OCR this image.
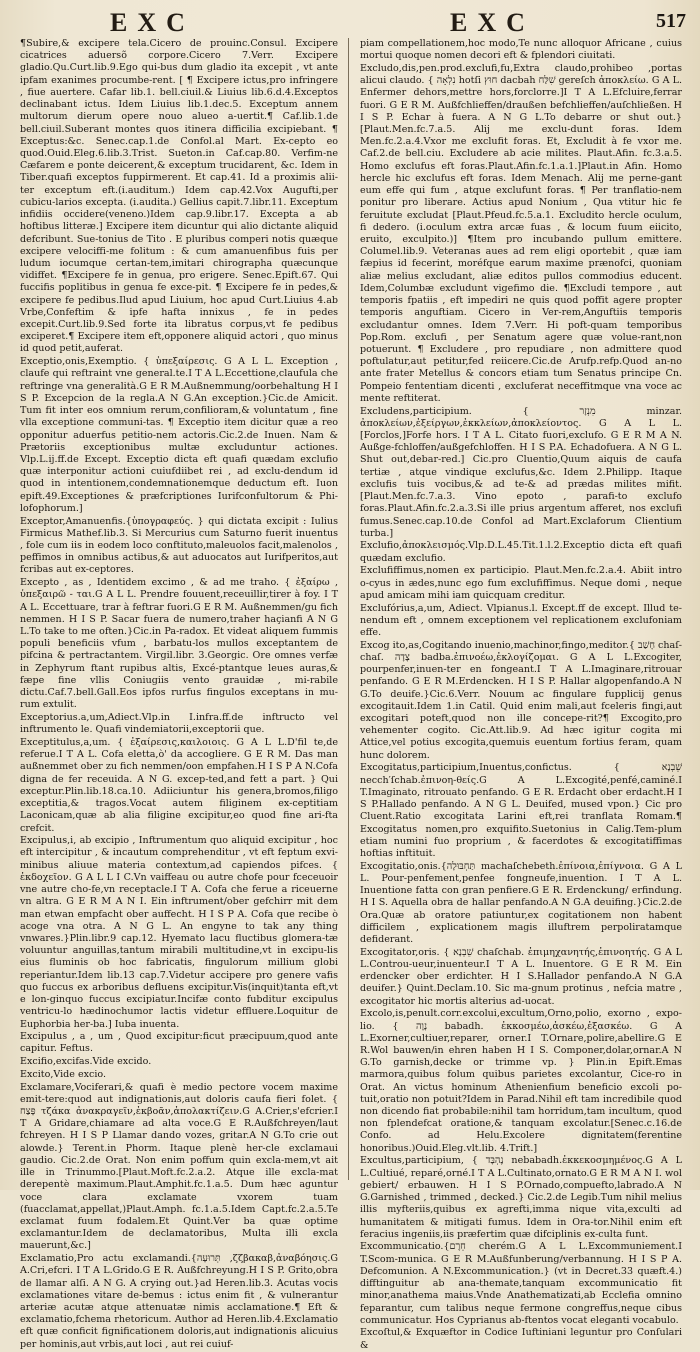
EXC	EXC	517

¶Subire,& excipere tela.Cicero de prouinc.Consul. Excipere cicatrices aduersõ corpore.Cicero 7.Verr. Excipere gladio.Qu.Curt.lib.9.Ego qui-bus dum gladio ita excepit , vt ante ipfam exanimes procumbe-rent. [ ¶ Excipere ictus,pro infringere , fiue auertere. Cafar lib.1. bell.ciuil.& Liuius lib.6.d.4.Exceptos declinabant ictus. Idem Liuius lib.1.dec.5. Exceptum annem multorum dierum opere nouo alueo a-uertit.¶ Caf.lib.1.de bell.ciuil.Suberant montes quos itinera difficilia excipiebant. ¶ Exceptus:&c. Senec.cap.1.de Confol.al Mart. Ex-cepto eo quod.Ouid.Eleg.6.lib.3.Trist. Sueton.in Caf.cap.80. Verfim-ne Cæfarem e ponte deicerent,& exceptum trucidarent, &c. Idem in Tiber.quafi exceptos fuppirmerent. Et cap.41. Id a proximis alii-ter exceptum eft.(i.auditum.) Idem cap.42.Vox Augufti,per cubicu-larios excepta. (i.audita.) Gellius capit.7.libr.11. Exceptum infidiis occidere(veneno.)Idem cap.9.libr.17. Excepta a ab hoftibus litteræ.] Excipere item dicuntur qui alio dictante aliquid defcribunt. Sue-tonius de Tito . E pluribus comperi notis quæque excipere velociffi-me folitum : & cum amanuenfibus fuis per ludum iocumque certan-tem,imitari chirographa quæcunque vidiffet. ¶Excipere fe in genua, pro erigere. Senec.Epift.67. Qui fuccifis poplitibus in genua fe exce-pit. ¶ Excipere fe in pedes,& excipere fe pedibus.Ilud apud Liuium, hoc apud Curt.Liuius 4.ab Vrbe,Confeftim & ipfe hafta innixus , fe in pedes excepit.Curt.lib.9.Sed forte ita libratus corpus,vt fe pedibus exciperet.¶ Excipere item eft,opponere aliquid actori , quo minus id quod petit,auferat.

Exceptio,onis,Exemptio. { ὑπεξαίρεσις. G A L L. Exception , claufe qui reftraint vne general.te.I T A L.Eccettione,claufula che reftringe vna generalità.G E R M.Außnemmung/oorbehaltung H I S P. Excepcion de la regla.A N G.An exception.}Cic.de Amicit. Tum fit inter eos omnium rerum,confilioram,& voluntatum , fine vlla exceptione communi-tas. ¶ Exceptio item dicitur quæ a reo opponitur aduerfus petitio-nem actoris.Cic.2.de Inuen. Nam & Prætoriis exceptionibus multæ excluduntur actiones. Vlp.L.ij.ff.de Except. Exceptio dicta eft quafi quædam exclufio quæ interponitur actioni cuiufdiibet rei , ad exclu-dendum id quod in intentionem,condemnationemque deductum eft. Iuon epift.49.Exceptiones & præfcriptiones Iurifconfultorum & Phi-lofophorum.]

Exceptor,Amanuenfis.{ὑπογραφεύς. } qui dictata excipit : Iulius Firmicus Mathef.lib.3. Si Mercurius cum Saturno fuerit inuentus , fole cum iis in eodem loco conftituto,maleuolos facit,malenolos , peffimos in omnibus actibus,& aut aduocatos aut Iurifperitos,aut fcribas aut ex-ceptores.

Excepto , as , Identidem excimo , & ad me traho. { ἐξαίρω , ὑπεξαιρῶ - ται.G A L L. Prendre fouuent,receuillir,tirer à foy. I T A L. Eccettuare, trar à feftrar fuori.G E R M. Außnemmen/gu fich nemmen. H I S P. Sacar fuera de numero,traher haçianfi A N G L.To take to me often.}Cic.in Pa-radox. Et videat aliquem fummis populi beneficiis vfum , barbatu-los mullos exceptantem de pifcina & pertractantem. Virgil.libr. 3.Georgic. Ore omnes verfæ in Zephyrum ftant rupibus altis, Excé-ptantque leues auras,& fæpe fine vllis Coniugiis vento grauidæ , mi-rabile dictu.Caf.7.bell.Gall.Eos ipfos rurfus fingulos exceptans in mu-rum extulit.

Exceptorius.a,um,Adiect.Vlp.in I.infra.ff.de inftructo vel inftrumento le. Quafi vindemiatorii,exceptorii que.

Exceptitulus,a,um. { ἐξαίρεσις,καιλοιοις. G A L L.D'fil te,de referue.I T A L. Cofa eletta,ò' da accogliere. G E R M. Das man außnemmet ober zu fich nemmen/oon empfahen.H I S P A N.Cofa digna de fer receuida. A N G. excep-ted,and fett a part. } Qui exceptur.Plin.lib.18.ca.10. Adiiciuntur his genera,bromos,filigo exceptitia,& tragos.Vocat autem filiginem ex-ceptitiam Laconicam,quæ ab alia filigine excipitur,eo quod fine ari-fta crefcit.

Excipulus,i, ab excipio , Inftrumentum quo aliquid excipitur , hoc eft intercipitur , & incautum comprehenditur , vt eft feptum exvi-minibus aliuue materia contextum,ad capiendos pifces. { ἐκδοχεῖον. G A L L I C.Vn vaiffeau ou autre chofe pour fceceuoir vne autre cho-fe,vn receptacle.I T A. Cofa che ferue a riceuerne vn altra. G E R M A N I. Ein inftrument/ober gefchirr mit dem man etwan empfacht ober auffecht. H I S P A. Cofa que recibe ò acoge vna otra. A N G L. An engyne to tak any thing vnwares.}Plin.libr.9 cap.12. Hyemato lacu fluctibus glomera-tæ voluuntur anguillas,tantum mirabili multitudine,vt in excipu-lis eius fluminis ob hoc fabricatis, fingulorum millium globi reperiantur.Idem lib.13 cap.7.Videtur accipere pro genere vafis quo fuccus ex arboribus defluens excipitur.Vis(inquit)tanta eft,vt e lon-ginquo fuccus excipiatur.Incifæ conto fubditur excipulus ventricu-lo hædinochumor lactis videtur effluere.Loquitur de Euphorbia her-ba.] Iuba inuenta.

Excipulus , a , um , Quod excipitur:ficut præcipuum,quod ante capitur. Feftus.

Excifio,excifas.Vide excido.

Excito,Vide excio.

Exclamare,Vociferari,& quafi è medio pectore vocem maxime emit-tere:quod aut indignationis,aut doloris caufa fieri folet. { פָּצַח τζάκα ἀνακραγεῖν,ἐκβοᾶν,ἀπολακτίζειν.G A.Crier,s'efcrier.I T A Gridare,chiamare ad alta voce.G E R.Außfchreyen/laut fchreyen. H I S P Llamar dando vozes, gritar.A N G.To crie out alowde.} Terent.in Phorm. Itaque plenè her-cle exclamaui gaudio. Cic.2.de Orat. Non enim poffum quin excla-mem,vt ait ille in Trinummo.[Plaut.Moft.fc.2.a.2. Atque ille excla-mat derepentè maximum.Plaut.Amphit.fc.1.a.5. Dum hæc aguntur voce clara exclamate vxorem tuam (fuacclamat,appellat,)Plaut.Amph. fc.1.a.5.Idem Capt.fc.2.a.5.Te exclamat fuum fodalem.Et Quint.Ver ba quæ optime exclamantur.Idem de declamatoribus, Multa illi excla mauerunt,&c.]

Exclamatio,Pro actu exclamandi.{תְּרוּעָה ,ζζβακαβ,ἀναβόησις.G A.Cri,efcri. I T A L.Grido.G E R. Außfchreyung.H I S P. Grito,obra de llamar alſi. A N G. A crying out.}ad Heren.lib.3. Acutas vocis exclamationes vitare de-bemus : ictus enim fit , & vulnerantur arteriæ acutæ atque attenuatæ nimis acclamatione.¶ Eft & exclamatio,fchema rhetoricum. Author ad Heren.lib.4.Exclamatio eft quæ conficit fignificationem doloris,aut indignationis alicuius per hominis,aut vrbis,aut loci , aut rei cuiuf-

piam compellationem,hoc modo,Te nunc alloquor Africane , cuius mortui quoque nomen decori eft & fplendori ciuitati.

Excludo,dis,pen.prod.exclufi,fu,Extra claudo,prohibeo ,portas alicui claudo. { נִלְאָה hotſi חוּץ dacbah שִׁלַּח gereſch ἀποκλείω. G A L. Enfermer dehors,mettre hors,forclorre.]I T A L.Efcluire,ferrar fuori. G E R M. Außfchlieffen/draußen befchlieffen/auſchließen. H I S P. Echar à fuera. A N G L.To debarre or shut out.} [Plaut.Men.fc.7.a.5. Alij me exclu-dunt foras. Idem Men.fc.2.a.4.Vxor me exclufit foras. Et, Excludit à fe vxor me. Caf.2.de bell.ciu. Excludere ab acie milites. Plaut.Afin. fc.3.a.5. Homo exclufus eft foras.Plaut.Afin.fc.1.a.1.]Plaut.in Afin. Homo hercle hic exclufus eft foras. Idem Menach. Alij me perne-gant eum effe qui fum , atque exclufunt foras. ¶ Per tranflatio-nem ponitur pro liberare. Actius apud Nonium , Qua vtitur hic fe feruitute excludat [Plaut.Pfeud.fc.5.a.1. Excludito hercle oculum, fi dedero. (i.oculum extra arcæ fuas , & locum fuum eiicito, eruito, exculpito.)] ¶Item pro incubando pullum emittere. Columel.lib.9. Veteranas aues ad rem eligi oportebit , quæ iam fæpius id fecerint, moréfque earum maxime prænofci, quoniam aliæ melius excludant, aliæ editos pullos commodius educent. Idem,Columbæ excludunt vigefimo die. ¶Excludi tempore , aut temporis fpatiis , eft impediri ne quis quod poffit agere propter temporis anguftiam. Cicero in Ver-rem,Anguftiis temporis excludantur omnes. Idem 7.Verr. Hi poft-quam temporibus Pop.Rom. exclufi , per Senatum agere quæ volue-rant,non potuerunt. ¶ Excludere , pro repudiare , non admittere quod poftulatur,aut petitur,fed reiicere.Cic.de Arufp.refp.Quod an-no ante frater Metellus & concors etiam tum Senatus principe Cn. Pompeio fententiam dicenti , excluferat neceffitmque vna voce ac mente reftiterat.

Excludens,participium. { מִנְזָר minzar. ἀποκλείων,ἐξείργων,ἐκκλείων,ἀποκλείοντος. G A L L. [Forclos,]Forfe hors. I T A L. Citato fuori,exclufo. G E R M A N. Außge-fchloffen/außgefchloffen. H I S P.A. Echadofuera. A N G L. Shut out,debar-red.] Cic.pro Cluentio,Quum aiquis de caufa tertiæ , atque vindique exclufus,&c. Idem 2.Philipp. Itaque exclufis tuis vocibus,& ad te-& ad prædas milites mifit.[Plaut.Men.fc.7.a.3. Vino epoto , parafi-to exclufo foras.Plaut.Afin.fc.2.a.3.Si ille prius argentum afferet, nos exclufi fumus.Senec.cap.10.de Confol ad Mart.Exclaforum Clientium turba.]

Exclufio,ἀποκλεισμός.Vlp.D.L.45.Tit.1.l.2.Exceptio dicta eft quafi quædam exclufio.

Exclufiffimus,nomen ex participio. Plaut.Men.fc.2.a.4. Abiit intro o-cyus in ædes,nunc ego fum exclufiffimus. Neque domi , neque apud amicam mihi iam quicquam creditur.

Exclufórius,a,um, Adiect. Vlpianus.l. Except.ff de except. Illud te-nendum eft , omnem exceptionem vel replicationem exclufoniam effe.

Excog ito,as,Cogitando inuenio,machinor,fingo,meditor.{ חָשַׁב chaſ-chaſ. צָדָה badba.ἐπινοέω,ἐκλογίζομαι. G A L L.Excogiter, pourpenfer,inuen-ter en fongeant.I T A L.Imaginare,ritrouar penfando. G E R M.Erdencken. H I S P. Hallar algopenfando.A N G.To deuife.}Cic.6.Verr. Nouum ac fingulare fupplicij genus excogitauit.Idem 1.in Catil. Quid enim mali,aut fceleris fingi,aut excogitari poteft,quod non ille concepe-rit?¶ Excogito,pro vehementer cogito. Cic.Att.lib.9. Ad hæc igitur cogita mi Attice,vel potius excogita,quemuis euentum fortius feram, quam hunc dolorem.

Excogitatus,participium,Inuentus,confictus. { שֵׁבְנָא necch′ſchab.ἐπινοη-θείς.G A L.Excogité,penfé,caminé.I T.Imaginato, ritrouato penfando. G E R. Erdacht ober erdacht.H I S P.Hallado penfando. A N G L. Deuifed, mused vpon.} Cic pro Cluent.Ratio excogitata Larini eft,rei tranflata Romam.¶ Excogitatus nomen,pro exquifito.Suetonius in Calig.Tem-plum etiam numini fuo proprium , & facerdotes & excogitatiffimas hoftias inftituit.

Excogitatio,onis.{תַּחְבּוּלָה machaſchebeth.ἐπίνοια,ἐπίγνοια. G A L L. Pour-penfement,penfee fongneufe,inuention. I T A L. Inuentione fatta con gran penfiere.G E R. Erdenckung/ erfindung. H I S. Aquella obra de hallar penfando.A N G.A deuifing.}Cic.2.de Ora.Quæ ab oratore patiuntur,ex cogitationem non habent difficilem , explicationem magis illuftrem perpoliratamque defiderant.

Excogitator,oris. { שֵׁבְנָא chaſchab. ἐπιμηχανητής,ἐπινοητής. G A L L.Controu-ueur,inuenteur.I T A L. Inuentore. G E R M. Ein erdencker ober erdichter. H I S.Hallador penfando.A N G.A deuifer.} Quint.Declam.10. Sic ma-gnum protinus , nefcia matre , excogitator hic mortis alterius ad-uocat.

Excolo,is,penult.corr.excolui,excultum,Orno,polio, exorno , expo-lio. { נָוָה babadh. ἐκκοσμέω,ἀσκέω,ἐξασκέω. G A L.Exorner,cultiuer,reparer, orner.I T.Ornare,polire,abellire.G E R.Wol bauwen/in ehren haben H I S. Componer,dolar,ornar.A N G.To garnish,decke or trimme vp. } Plin.in Epift.Emas marmora,quibus folum quibus parietes excolantur, Cice-ro in Orat. An victus hominum Athenienfium beneficio excoli po-tuit,oratio non potuit?Idem in Parad.Nihil eft tam incredibile quod non dicendo fiat probabile:nihil tam horridum,tam incultum, quod non fplendefcat oratione,& tanquam excolatur.[Senec.c.16.de Confo. ad Helu.Excolere dignitatem(ferentine honoribus.)Ouid.Eleg.vlt.lib. 4.Trift.]

Excultus,participium, { נֶהְבָּד nebabadh.ἐκκεκοσμημένος.G A L L.Cultiué, reparé,orné.I T A L.Cultinato,ornato.G E R M A N I. wol gebiert/ erbauwen. H I S P.Ornado,compuefto,labrado.A N G.Garnished , trimmed , decked.} Cic.2.de Legib.Tum nihil melius illis myfteriis,quibus ex agrefti,imma nique vita,exculti ad humanitatem & mitigati fumus. Idem in Ora-tor.Nihil enim eft feracius ingeniis,iis præfertim quæ difciplinis ex-culta funt.

Excommunicatio.{חֵרֶם cherém.G A L L.Excommuniement.I T.Scom-munica. G E R M.Außfunberung/verbannung. H I S P A. Defcomunion. A N.Excommunication.} (vt in Decret.33 quæft.4.) difftinguitur ab ana-themate,tanquam excommunicatio fit minor,anathema maius.Vnde Anathematizati,ab Ecclefia omnino feparantur, cum talibus neque fermone congreffus,neque cibus communicatur. Hos Cyprianus ab-ftentos vocat eleganti vocabulo.

Excoſtul,& Exquæftor in Codice Iuftiniani leguntur pro Conſulari &
